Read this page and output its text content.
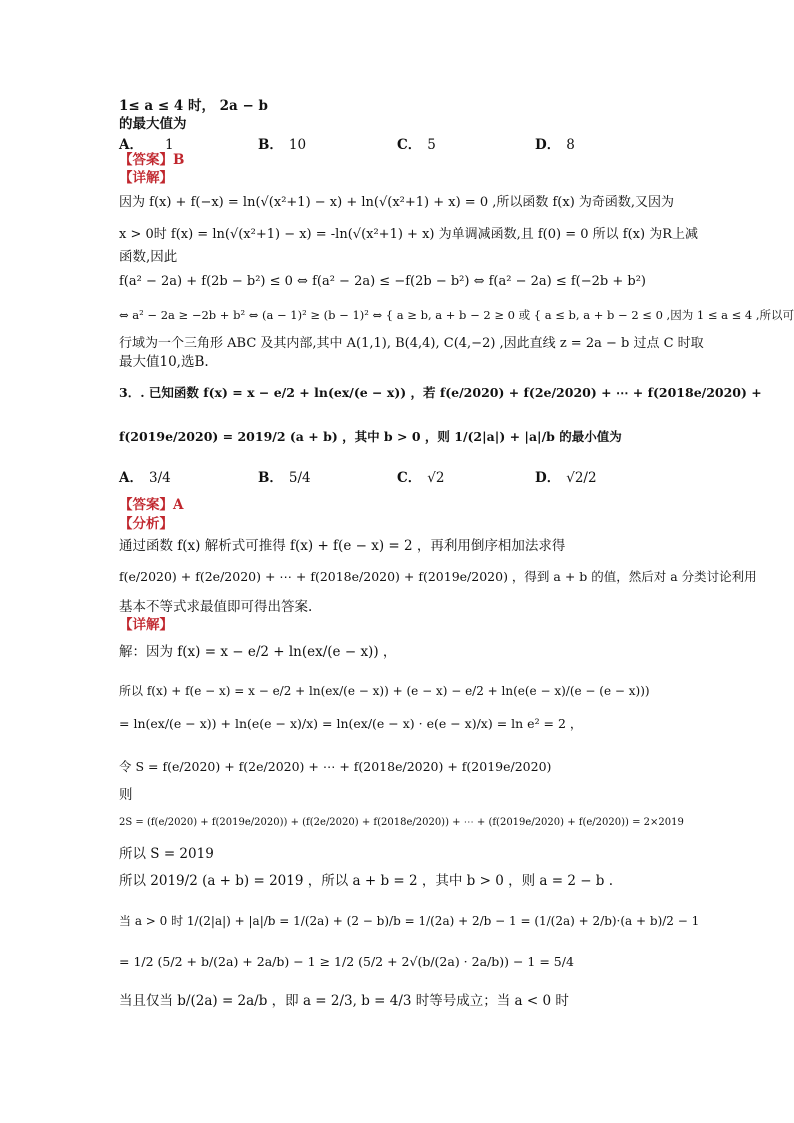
1≤ a ≤ 4 时， 2a − b
的最大值为
A． 1	B． 10	C． 5	D． 8
【答案】B
【详解】
因为 f(x) + f(−x) = ln(√(x²+1) − x) + ln(√(x²+1) + x) = 0 ,所以函数 f(x) 为奇函数,又因为
x > 0时 f(x) = ln(√(x²+1) − x) = -ln(√(x²+1) + x) 为单调减函数,且 f(0) = 0 所以 f(x) 为R上减
函数,因此
f(a² − 2a) + f(2b − b²) ≤ 0 ⇔ f(a² − 2a) ≤ −f(2b − b²) ⇔ f(a² − 2a) ≤ f(−2b + b²)
⇔ a² − 2a ≥ −2b + b² ⇔ (a − 1)² ≥ (b − 1)² ⇔ { a ≥ b, a + b − 2 ≥ 0 或 { a ≤ b, a + b − 2 ≤ 0 ,因为 1 ≤ a ≤ 4 ,所以可
行域为一个三角形 ABC 及其内部,其中 A(1,1), B(4,4), C(4,−2) ,因此直线 z = 2a − b 过点 C 时取
最大值10,选B.
3．. 已知函数 f(x) = x − e/2 + ln(ex/(e − x)) ，若 f(e/2020) + f(2e/2020) + ⋯ + f(2018e/2020) +
f(2019e/2020) = 2019/2 (a + b) ，其中 b > 0 ，则 1/(2|a|) + |a|/b 的最小值为
A． 3/4	B． 5/4	C． √2	D． √2/2
【答案】A
【分析】
通过函数 f(x) 解析式可推得 f(x) + f(e − x) = 2 ，再利用倒序相加法求得
f(e/2020) + f(2e/2020) + ⋯ + f(2018e/2020) + f(2019e/2020) ，得到 a + b 的值，然后对 a 分类讨论利用
基本不等式求最值即可得出答案.
【详解】
解：因为 f(x) = x − e/2 + ln(ex/(e − x)) ，
所以 f(x) + f(e − x) = x − e/2 + ln(ex/(e − x)) + (e − x) − e/2 + ln(e(e − x)/(e − (e − x)))
= ln(ex/(e − x)) + ln(e(e − x)/x) = ln(ex/(e − x) · e(e − x)/x) = ln e² = 2 ，
令 S = f(e/2020) + f(2e/2020) + ⋯ + f(2018e/2020) + f(2019e/2020)
则
2S = (f(e/2020) + f(2019e/2020)) + (f(2e/2020) + f(2018e/2020)) + ⋯ + (f(2019e/2020) + f(e/2020)) = 2×2019
所以 S = 2019
所以 2019/2 (a + b) = 2019 ，所以 a + b = 2 ，其中 b > 0 ，则 a = 2 − b .
当 a > 0 时 1/(2|a|) + |a|/b = 1/(2a) + (2 − b)/b = 1/(2a) + 2/b − 1 = (1/(2a) + 2/b)·(a + b)/2 − 1
= 1/2 (5/2 + b/(2a) + 2a/b) − 1 ≥ 1/2 (5/2 + 2√(b/(2a) · 2a/b)) − 1 = 5/4
当且仅当 b/(2a) = 2a/b ，即 a = 2/3, b = 4/3 时等号成立；当 a < 0 时
